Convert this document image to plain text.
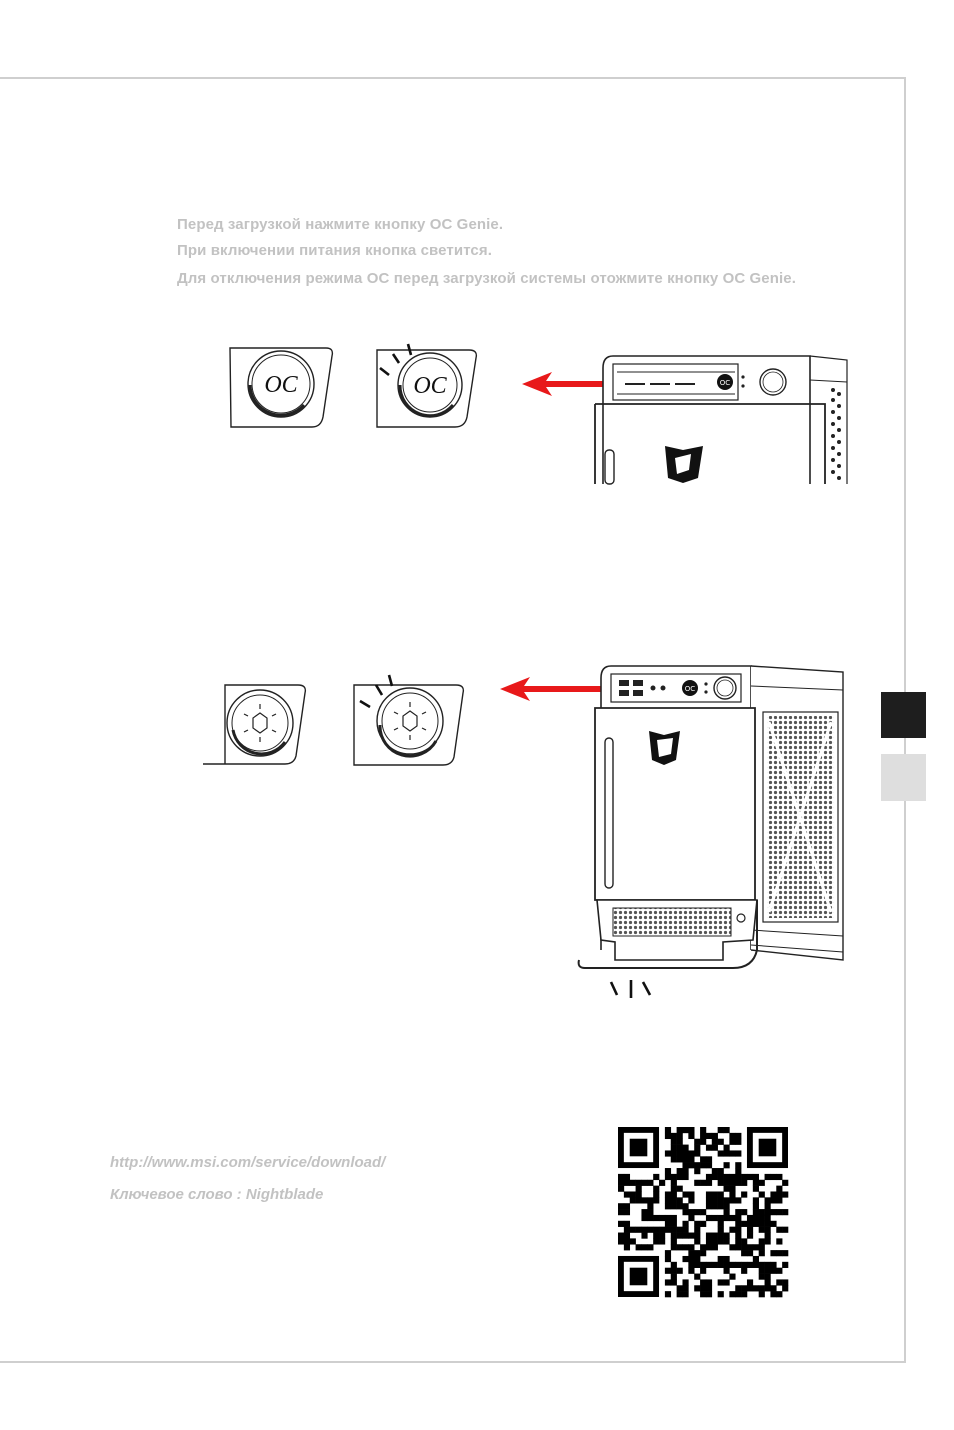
Перед загрузкой нажмите кнопку OC Genie.

При включении питания кнопка светится.

Для отключения режима OC перед загрузкой системы отожмите кнопку OC Genie.

OC	OC	OC
OC
http://www.msi.com/service/download/
Ключевое слово : Nightblade
